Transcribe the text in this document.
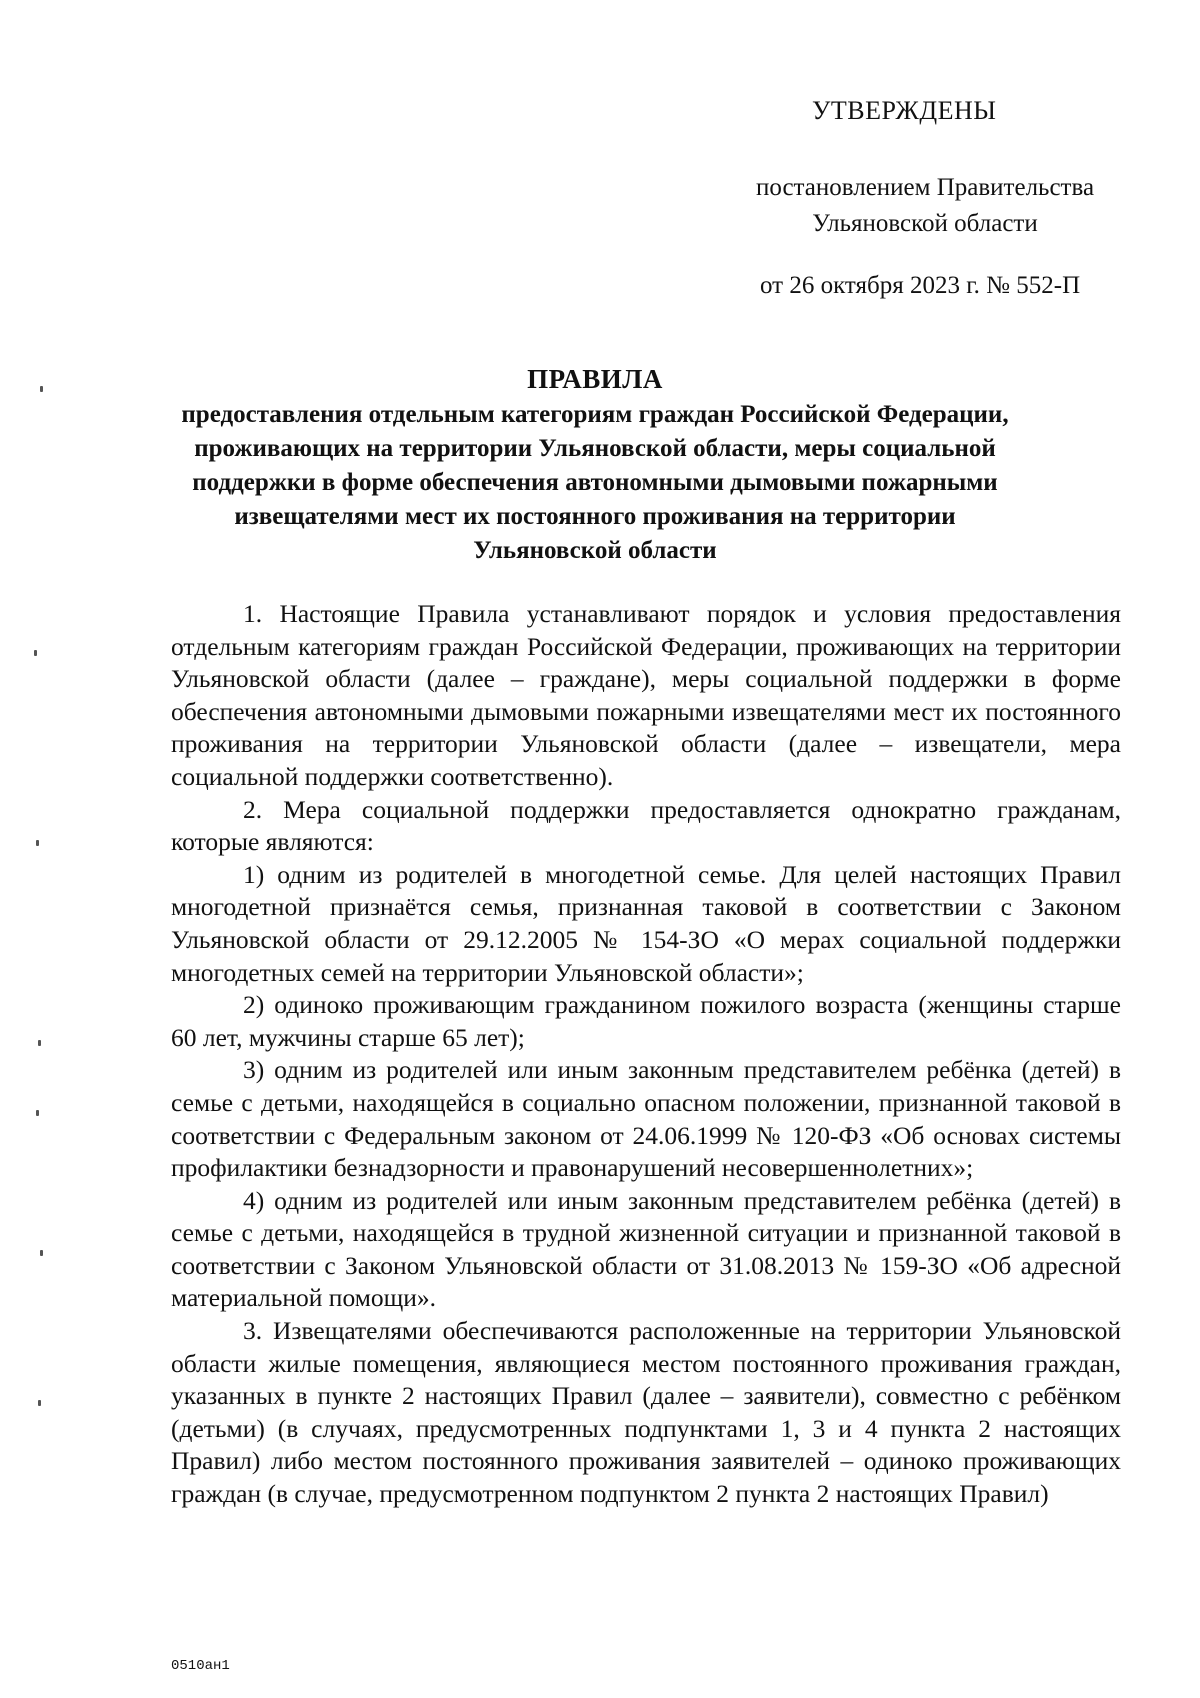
УТВЕРЖДЕНЫ
постановлением Правительства
Ульяновской области
от 26 октября 2023 г. № 552-П
ПРАВИЛА
предоставления отдельным категориям граждан Российской Федерации, проживающих на территории Ульяновской области, меры социальной поддержки в форме обеспечения автономными дымовыми пожарными извещателями мест их постоянного проживания на территории Ульяновской области

1. Настоящие Правила устанавливают порядок и условия предоставления отдельным категориям граждан Российской Федерации, проживающих на территории Ульяновской области (далее – граждане), меры социальной поддержки в форме обеспечения автономными дымовыми пожарными извещателями мест их постоянного проживания на территории Ульяновской области (далее – извещатели, мера социальной поддержки соответственно).

2. Мера социальной поддержки предоставляется однократно гражданам, которые являются:

1) одним из родителей в многодетной семье. Для целей настоящих Правил многодетной признаётся семья, признанная таковой в соответствии с Законом Ульяновской области от 29.12.2005 № 154-ЗО «О мерах социальной поддержки многодетных семей на территории Ульяновской области»;

2) одиноко проживающим гражданином пожилого возраста (женщины старше 60 лет, мужчины старше 65 лет);

3) одним из родителей или иным законным представителем ребёнка (детей) в семье с детьми, находящейся в социально опасном положении, признанной таковой в соответствии с Федеральным законом от 24.06.1999 № 120-ФЗ «Об основах системы профилактики безнадзорности и правонарушений несовершеннолетних»;

4) одним из родителей или иным законным представителем ребёнка (детей) в семье с детьми, находящейся в трудной жизненной ситуации и признанной таковой в соответствии с Законом Ульяновской области от 31.08.2013 № 159-ЗО «Об адресной материальной помощи».

3. Извещателями обеспечиваются расположенные на территории Ульяновской области жилые помещения, являющиеся местом постоянного проживания граждан, указанных в пункте 2 настоящих Правил (далее – заявители), совместно с ребёнком (детьми) (в случаях, предусмотренных подпунктами 1, 3 и 4 пункта 2 настоящих Правил) либо местом постоянного проживания заявителей – одиноко проживающих граждан (в случае, предусмотренном подпунктом 2 пункта 2 настоящих Правил)

0510ан1
